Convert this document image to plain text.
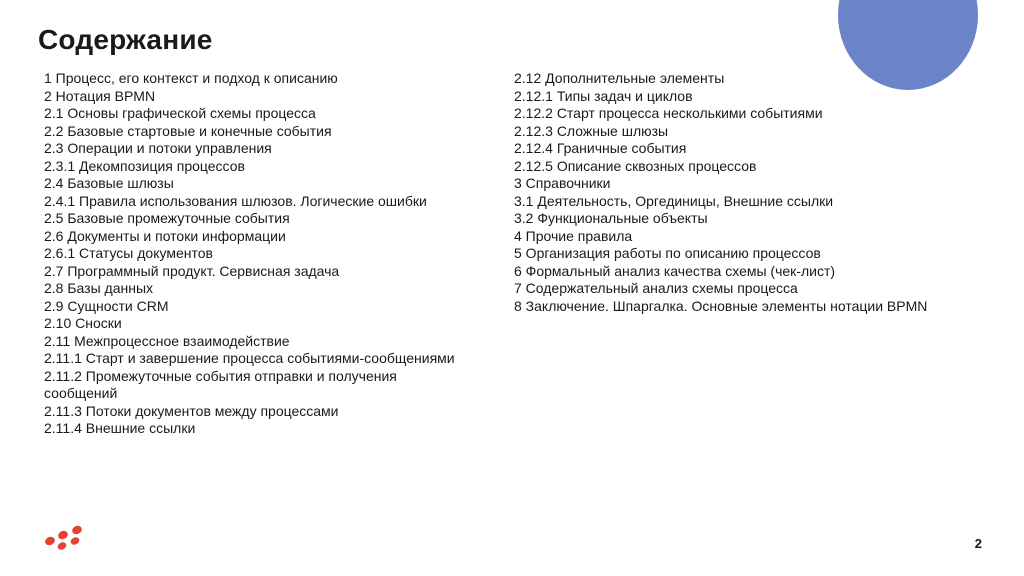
Содержание
1 Процесс, его контекст и подход к описанию
2 Нотация BPMN
2.1 Основы графической схемы процесса
2.2 Базовые стартовые и конечные события
2.3 Операции и потоки управления
2.3.1 Декомпозиция процессов
2.4 Базовые шлюзы
2.4.1 Правила использования шлюзов. Логические ошибки
2.5 Базовые промежуточные события
2.6 Документы и потоки информации
2.6.1 Статусы документов
2.7 Программный продукт. Сервисная задача
2.8 Базы данных
2.9 Сущности CRM
2.10 Сноски
2.11 Межпроцессное взаимодействие
2.11.1 Старт и завершение процесса событиями-сообщениями
2.11.2 Промежуточные события отправки и получения сообщений
2.11.3 Потоки документов между процессами
2.11.4 Внешние ссылки
2.12 Дополнительные элементы
2.12.1 Типы задач и циклов
2.12.2 Старт процесса несколькими событиями
2.12.3 Сложные шлюзы
2.12.4 Граничные события
2.12.5 Описание сквозных процессов
3 Справочники
3.1 Деятельность, Оргединицы, Внешние ссылки
3.2 Функциональные объекты
4 Прочие правила
5 Организация работы по описанию процессов
6 Формальный анализ качества схемы (чек-лист)
7 Содержательный анализ схемы процесса
8 Заключение. Шпаргалка. Основные элементы нотации BPMN
2
